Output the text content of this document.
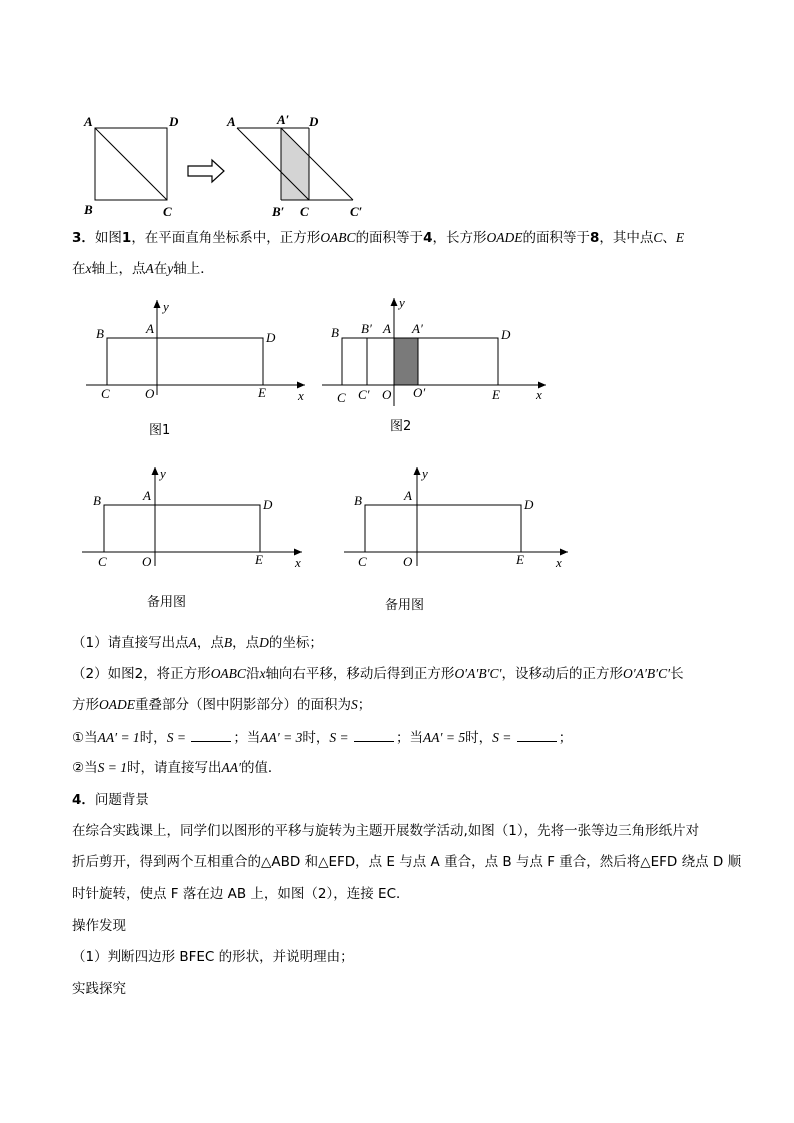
A	D
B	C
A	A′ D
B′ C	C′
3．如图1，在平面直角坐标系中，正方形OABC的面积等于4，长方形OADE的面积等于8，其中点C、E
在x轴上，点A在y轴上．
B	A
D
C	O	E x
y
图1
B B′ A A′	D
C C′ O O′	E	x
y
图2
B	A
D
C	O	E x
y
备用图
B	A
D
C	O	E x
y
备用图
（1）请直接写出点A，点B，点D的坐标；
（2）如图2，将正方形OABC沿x轴向右平移，移动后得到正方形O′A′B′C′，设移动后的正方形O′A′B′C′长
方形OADE重叠部分（图中阴影部分）的面积为S；
①当AA′ = 1时，S =	；当AA′ = 3时，S =	；当AA′ = 5时，S =	；
②当S = 1时，请直接写出AA′的值．
4．问题背景
在综合实践课上，同学们以图形的平移与旋转为主题开展数学活动,如图（1），先将一张等边三角形纸片对
折后剪开，得到两个互相重合的△ABD 和△EFD，点 E 与点 A 重合，点 B 与点 F 重合，然后将△EFD 绕点 D 顺
时针旋转，使点 F 落在边 AB 上，如图（2），连接 EC．
操作发现
（1）判断四边形 BFEC 的形状，并说明理由；
实践探究
